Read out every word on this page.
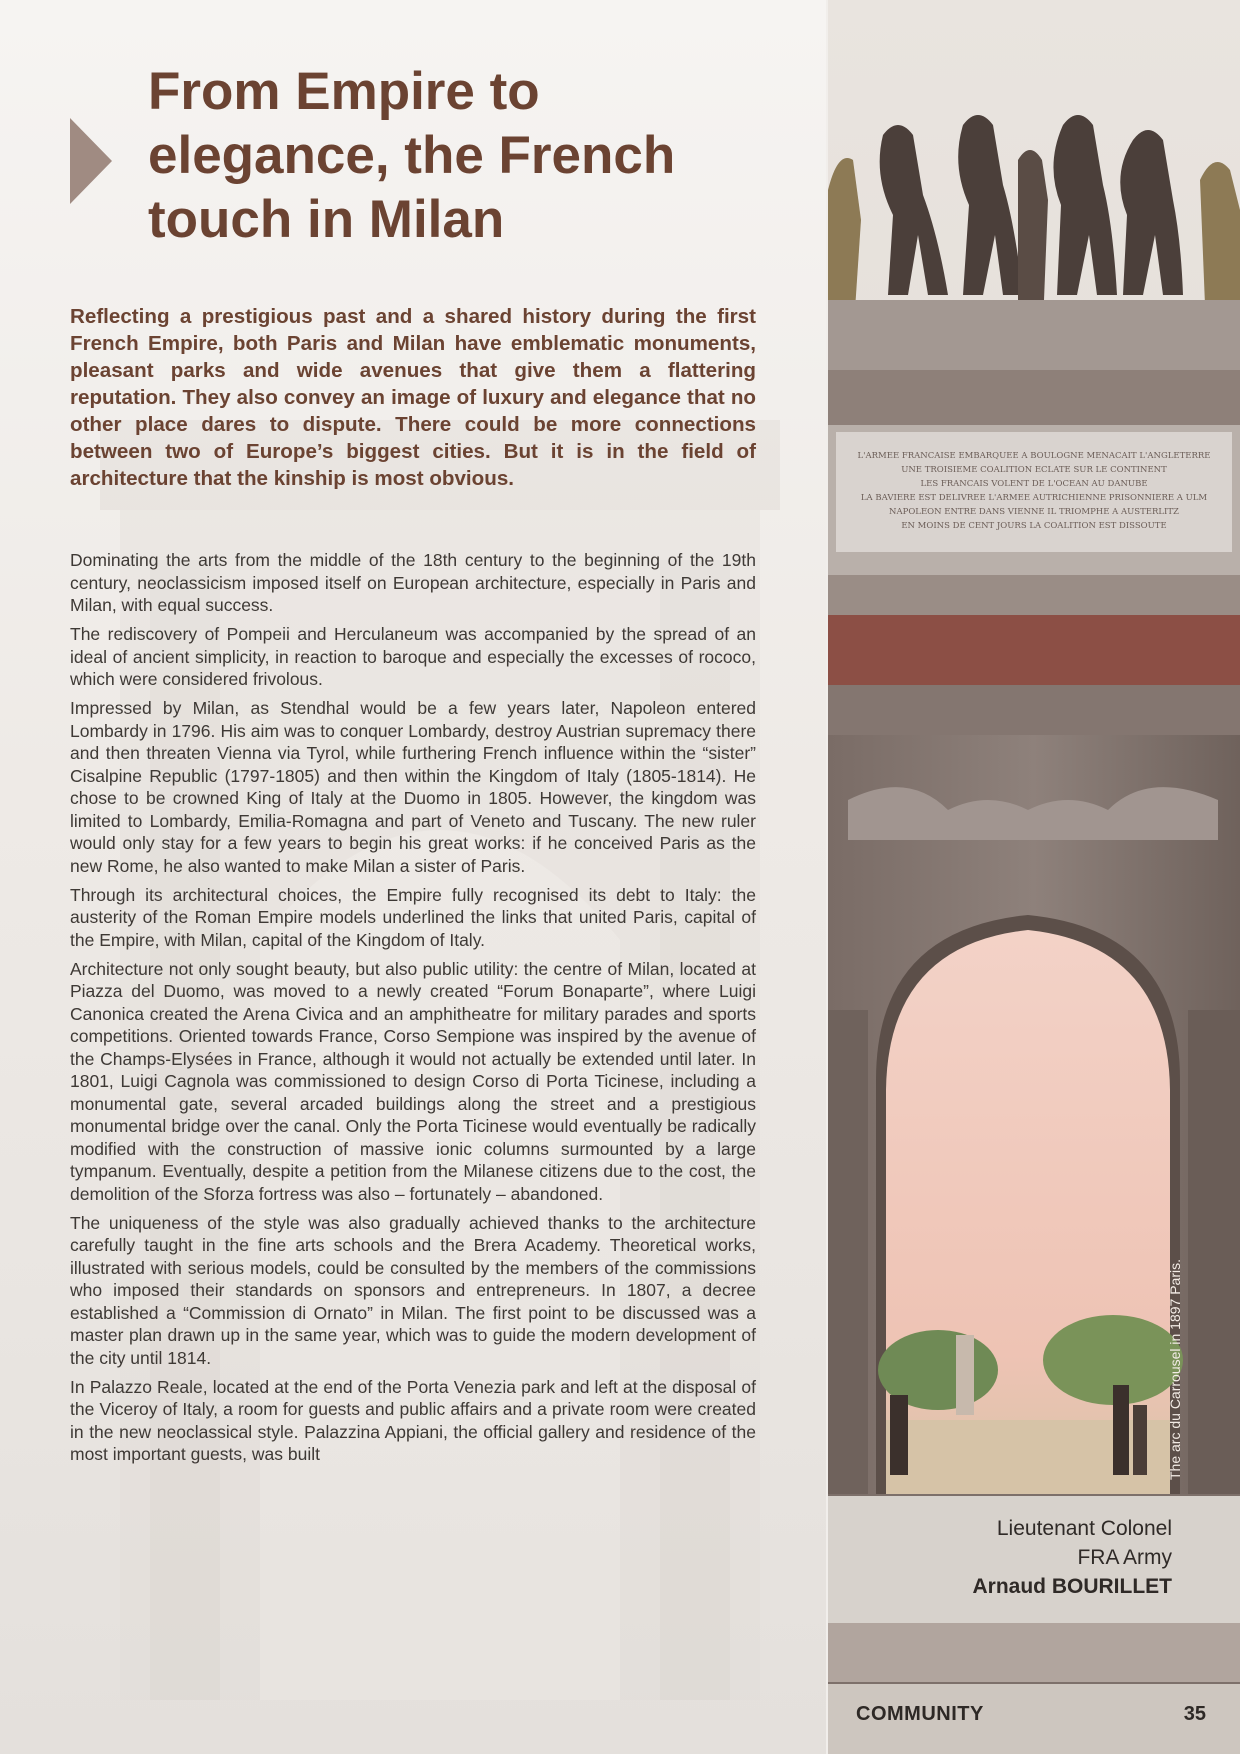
From Empire to elegance, the French touch in Milan

Reflecting a prestigious past and a shared history during the first French Empire, both Paris and Milan have emblematic monuments, pleasant parks and wide avenues that give them a flattering reputation. They also convey an image of luxury and elegance that no other place dares to dispute. There could be more connections between two of Europe’s biggest cities. But it is in the field of architecture that the kinship is most obvious.

Dominating the arts from the middle of the 18th century to the beginning of the 19th century, neoclassicism imposed itself on European architecture, especially in Paris and Milan, with equal success.

The rediscovery of Pompeii and Herculaneum was accompanied by the spread of an ideal of ancient simplicity, in reaction to baroque and especially the excesses of rococo, which were considered frivolous.

Impressed by Milan, as Stendhal would be a few years later, Napoleon entered Lombardy in 1796. His aim was to conquer Lombardy, destroy Austrian supremacy there and then threaten Vienna via Tyrol, while furthering French influence within the “sister” Cisalpine Republic (1797-1805) and then within the Kingdom of Italy (1805-1814). He chose to be crowned King of Italy at the Duomo in 1805. However, the kingdom was limited to Lombardy, Emilia-Romagna and part of Veneto and Tuscany. The new ruler would only stay for a few years to begin his great works: if he conceived Paris as the new Rome, he also wanted to make Milan a sister of Paris.

Through its architectural choices, the Empire fully recognised its debt to Italy: the austerity of the Roman Empire models underlined the links that united Paris, capital of the Empire, with Milan, capital of the Kingdom of Italy.

Architecture not only sought beauty, but also public utility: the centre of Milan, located at Piazza del Duomo, was moved to a newly created “Forum Bonaparte”, where Luigi Canonica created the Arena Civica and an amphitheatre for military parades and sports competitions. Oriented towards France, Corso Sempione was inspired by the avenue of the Champs-Elysées in France, although it would not actually be extended until later. In 1801, Luigi Cagnola was commissioned to design Corso di Porta Ticinese, including a monumental gate, several arcaded buildings along the street and a prestigious monumental bridge over the canal. Only the Porta Ticinese would eventually be radically modified with the construction of massive ionic columns surmounted by a large tympanum. Eventually, despite a petition from the Milanese citizens due to the cost, the demolition of the Sforza fortress was also – fortunately – abandoned.

The uniqueness of the style was also gradually achieved thanks to the architecture carefully taught in the fine arts schools and the Brera Academy. Theoretical works, illustrated with serious models, could be consulted by the members of the commissions who imposed their standards on sponsors and entrepreneurs. In 1807, a decree established a “Commission di Ornato” in Milan. The first point to be discussed was a master plan drawn up in the same year, which was to guide the modern development of the city until 1814.

In Palazzo Reale, located at the end of the Porta Venezia park and left at the disposal of the Viceroy of Italy, a room for guests and public affairs and a private room were created in the new neoclassical style. Palazzina Appiani, the official gallery and residence of the most important guests, was built

L'ARMEE FRANCAISE EMBARQUEE A BOULOGNE MENACAIT L'ANGLETERRE
UNE TROISIEME COALITION ECLATE SUR LE CONTINENT
LES FRANCAIS VOLENT DE L'OCEAN AU DANUBE
LA BAVIERE EST DELIVREE L'ARMEE AUTRICHIENNE PRISONNIERE A ULM
NAPOLEON ENTRE DANS VIENNE IL TRIOMPHE A AUSTERLITZ
EN MOINS DE CENT JOURS LA COALITION EST DISSOUTE
The arc du Carrousel in 1897 Paris.
Lieutenant Colonel
FRA Army
Arnaud BOURILLET
COMMUNITY	35
